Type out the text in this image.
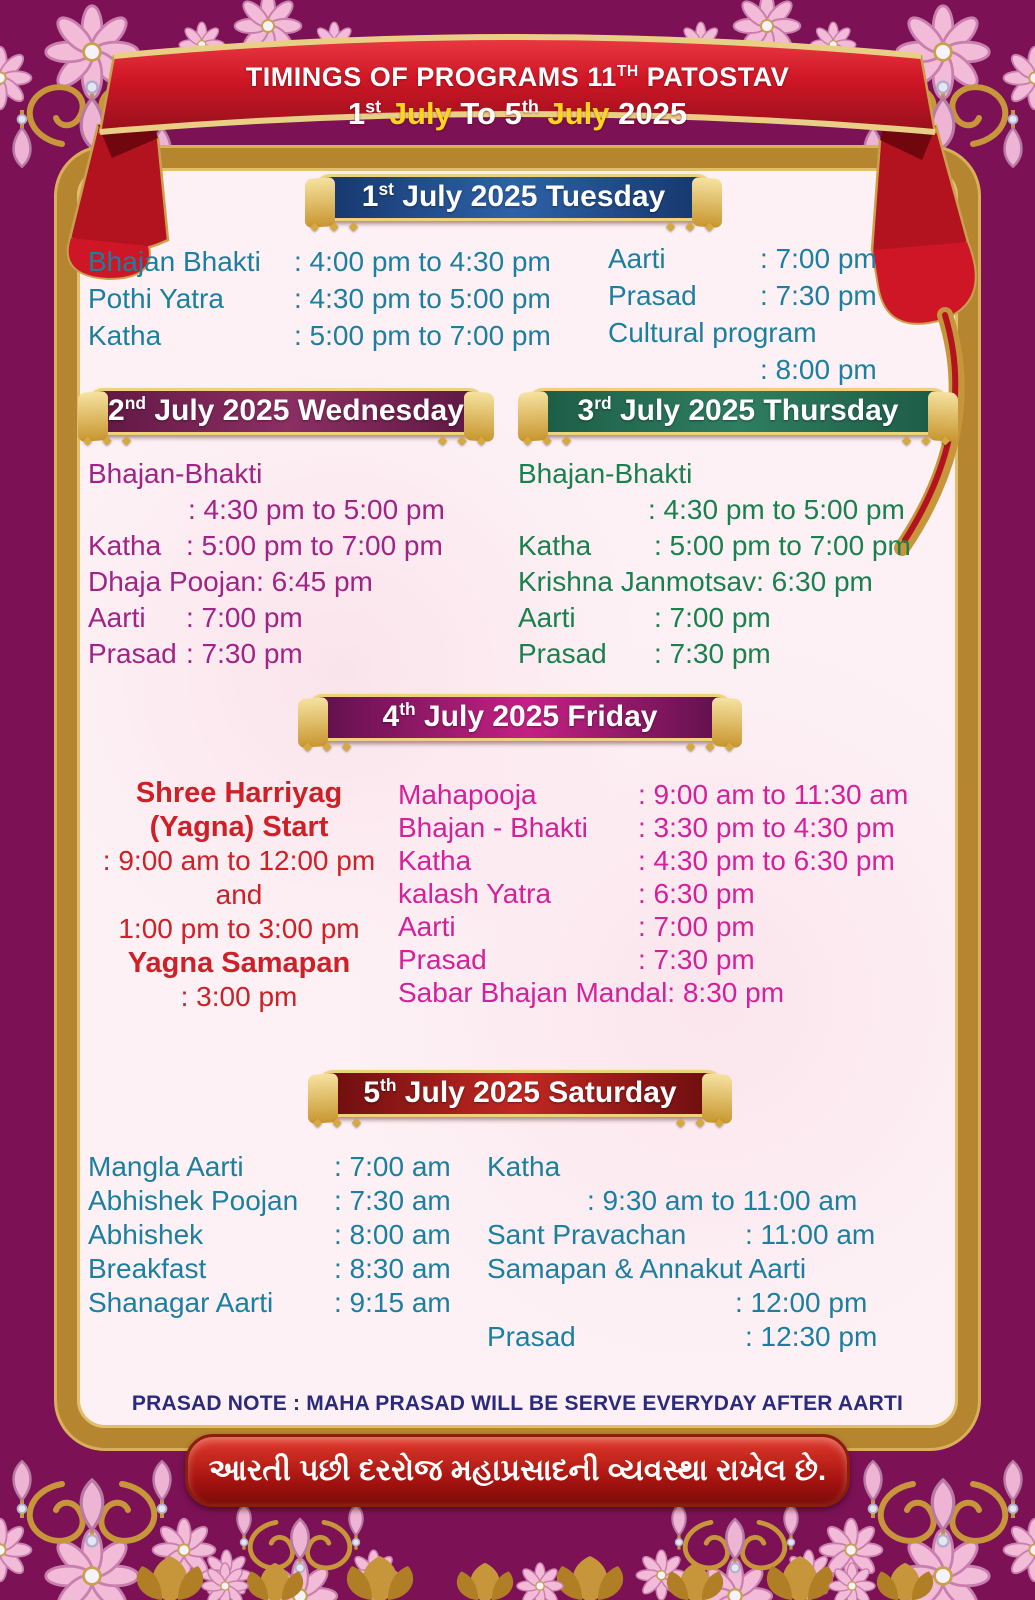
TIMINGS OF PROGRAMS 11TH PATOSTAV
1st July To 5th July 2025
1st July 2025 Tuesday
◆ ◆ ◆	◆ ◆ ◆
Bhajan Bhakti	: 4:00 pm to 4:30 pm
Pothi Yatra	: 4:30 pm to 5:00 pm
Katha	: 5:00 pm to 7:00 pm
Aarti	: 7:00 pm
Prasad	: 7:30 pm
Cultural program
: 8:00 pm
2nd July 2025 Wednesday
◆ ◆ ◆	◆ ◆ ◆
3rd July 2025 Thursday
◆ ◆ ◆	◆ ◆ ◆
Bhajan-Bhakti
: 4:30 pm to 5:00 pm
Katha : 5:00 pm to 7:00 pm
Dhaja Poojan : 6:45 pm
Aarti	: 7:00 pm
Prasad : 7:30 pm
Bhajan-Bhakti
: 4:30 pm to 5:00 pm
Katha	: 5:00 pm to 7:00 pm
Krishna Janmotsav : 6:30 pm
Aarti	: 7:00 pm
Prasad	: 7:30 pm
4th July 2025 Friday
◆ ◆ ◆	◆ ◆ ◆
Shree Harriyag
(Yagna) Start
: 9:00 am to 12:00 pm
and
1:00 pm to 3:00 pm
Yagna Samapan
: 3:00 pm
Mahapooja	: 9:00 am to 11:30 am
Bhajan - Bhakti	: 3:30 pm to 4:30 pm
Katha	: 4:30 pm to 6:30 pm
kalash Yatra	: 6:30 pm
Aarti	: 7:00 pm
Prasad	: 7:30 pm
Sabar Bhajan Mandal : 8:30 pm
5th July 2025 Saturday
◆ ◆ ◆	◆ ◆ ◆
Mangla Aarti	: 7:00 am
Abhishek Poojan	: 7:30 am
Abhishek	: 8:00 am
Breakfast	: 8:30 am
Shanagar Aarti	: 9:15 am
Katha
: 9:30 am to 11:00 am
Sant Pravachan	: 11:00 am
Samapan & Annakut Aarti
: 12:00 pm
Prasad	: 12:30 pm
PRASAD NOTE : MAHA PRASAD WILL BE SERVE EVERYDAY AFTER AARTI
આરતી પછી દરરોજ મહાપ્રસાદની વ્યવસ્થા રાખેલ છે.
